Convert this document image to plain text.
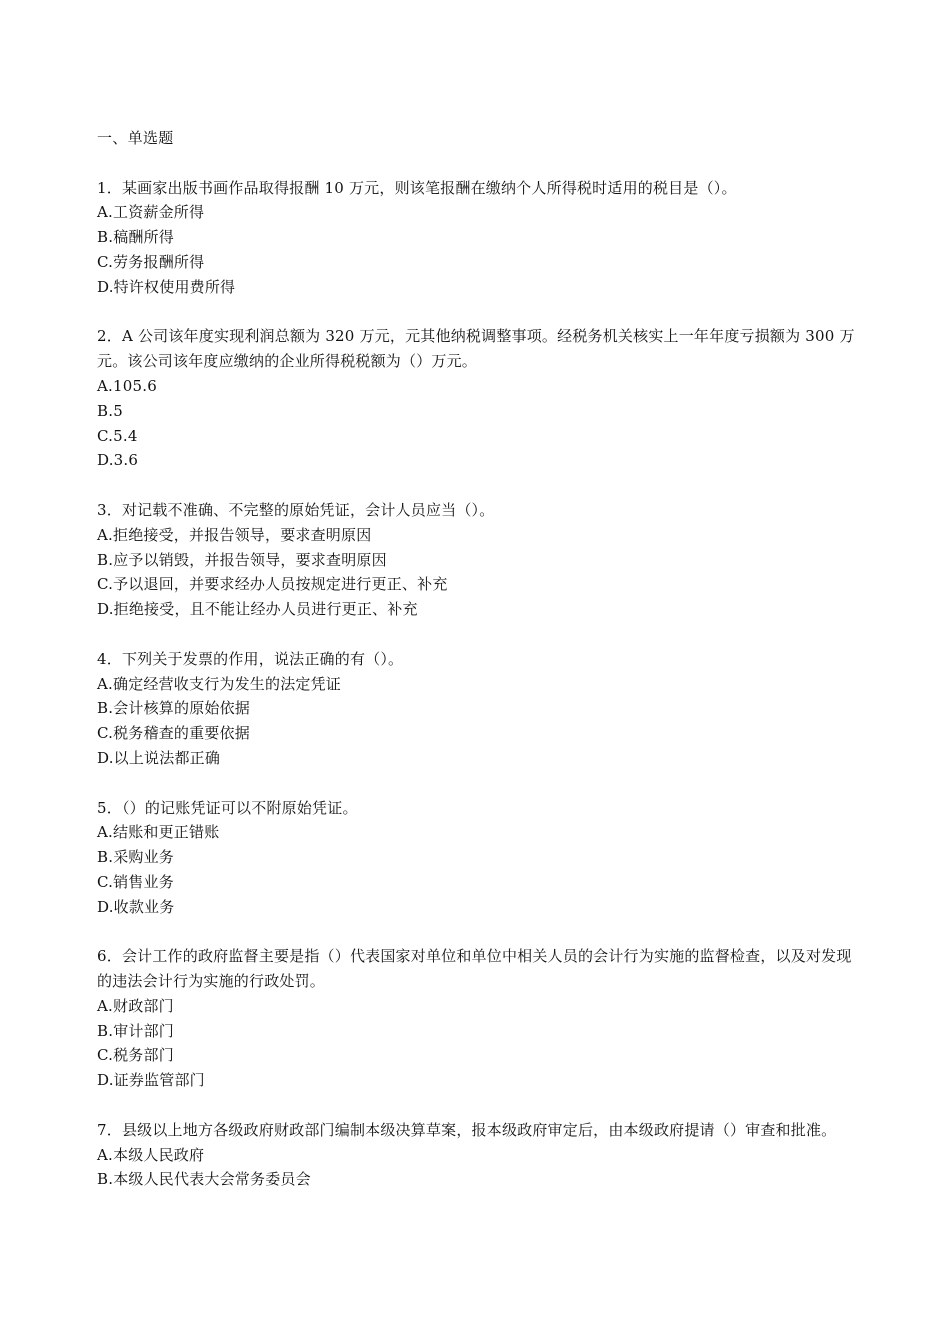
一、单选题

1．某画家出版书画作品取得报酬 10 万元，则该笔报酬在缴纳个人所得税时适用的税目是（）。

A.工资薪金所得

B.稿酬所得

C.劳务报酬所得

D.特许权使用费所得

2．A 公司该年度实现利润总额为 320 万元，元其他纳税调整事项。经税务机关核实上一年年度亏损额为 300 万元。该公司该年度应缴纳的企业所得税税额为（）万元。

A.105.6

B.5

C.5.4

D.3.6

3．对记载不准确、不完整的原始凭证，会计人员应当（）。

A.拒绝接受，并报告领导，要求查明原因

B.应予以销毁，并报告领导，要求查明原因

C.予以退回，并要求经办人员按规定进行更正、补充

D.拒绝接受，且不能让经办人员进行更正、补充

4．下列关于发票的作用，说法正确的有（）。

A.确定经营收支行为发生的法定凭证

B.会计核算的原始依据

C.税务稽查的重要依据

D.以上说法都正确

5．（）的记账凭证可以不附原始凭证。

A.结账和更正错账

B.采购业务

C.销售业务

D.收款业务

6．会计工作的政府监督主要是指（）代表国家对单位和单位中相关人员的会计行为实施的监督检查，以及对发现的违法会计行为实施的行政处罚。

A.财政部门

B.审计部门

C.税务部门

D.证券监管部门

7．县级以上地方各级政府财政部门编制本级决算草案，报本级政府审定后，由本级政府提请（）审查和批准。

A.本级人民政府

B.本级人民代表大会常务委员会
